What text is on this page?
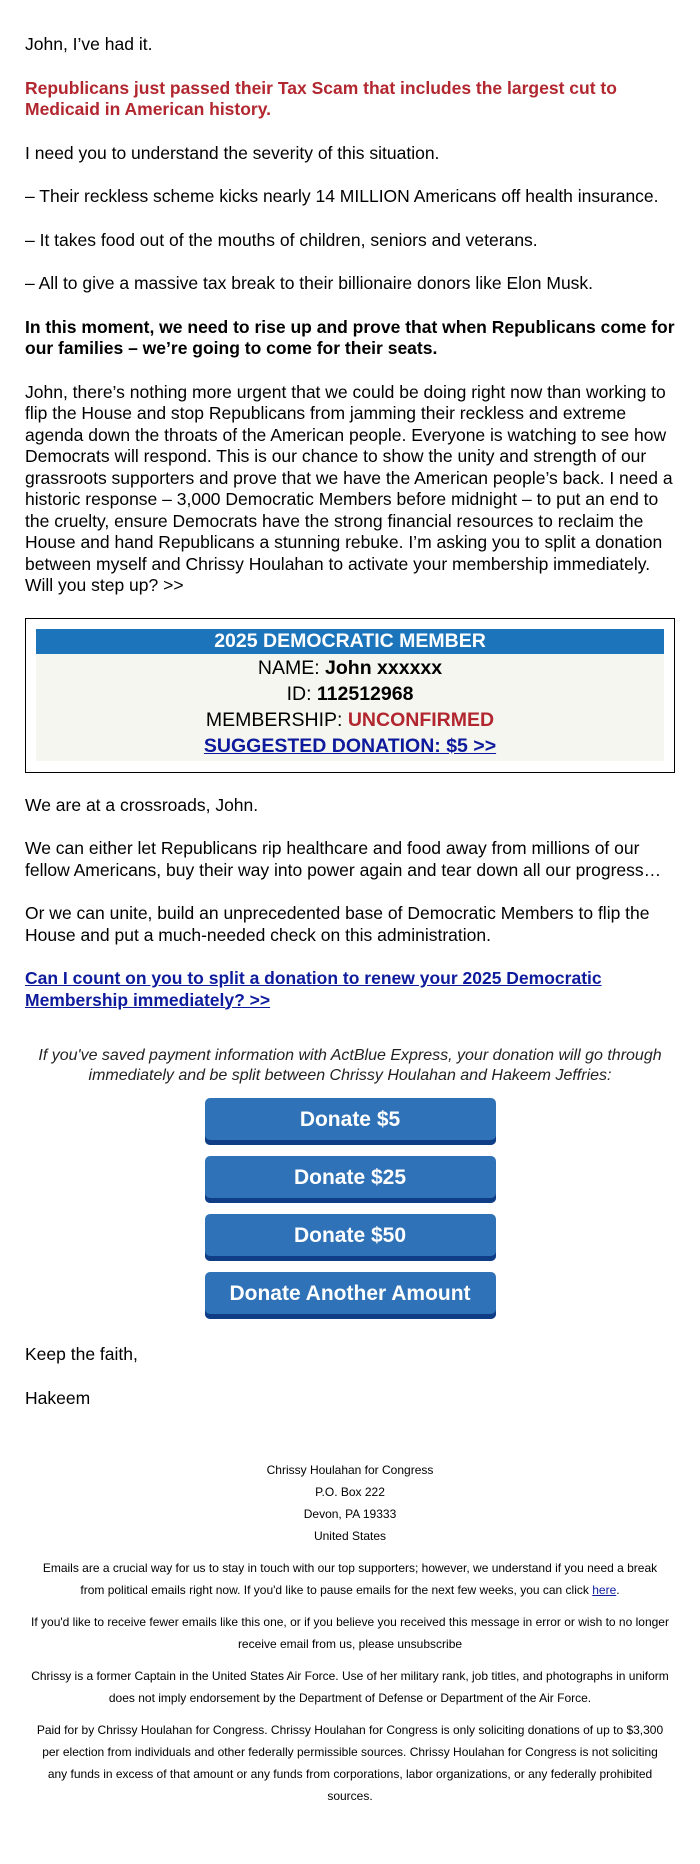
John, I’ve had it.

Republicans just passed their Tax Scam that includes the largest cut to Medicaid in American history.

I need you to understand the severity of this situation.

– Their reckless scheme kicks nearly 14 MILLION Americans off health insurance.

– It takes food out of the mouths of children, seniors and veterans.

– All to give a massive tax break to their billionaire donors like Elon Musk.

In this moment, we need to rise up and prove that when Republicans come for our families – we’re going to come for their seats.

John, there’s nothing more urgent that we could be doing right now than working to flip the House and stop Republicans from jamming their reckless and extreme agenda down the throats of the American people. Everyone is watching to see how Democrats will respond. This is our chance to show the unity and strength of our grassroots supporters and prove that we have the American people’s back. I need a historic response – 3,000 Democratic Members before midnight – to put an end to the cruelty, ensure Democrats have the strong financial resources to reclaim the House and hand Republicans a stunning rebuke. I’m asking you to split a donation between myself and Chrissy Houlahan to activate your membership immediately. Will you step up? >>

2025 DEMOCRATIC MEMBER
NAME: John xxxxxx
ID: 112512968
MEMBERSHIP: UNCONFIRMED
SUGGESTED DONATION: $5 >>

We are at a crossroads, John.

We can either let Republicans rip healthcare and food away from millions of our fellow Americans, buy their way into power again and tear down all our progress…

Or we can unite, build an unprecedented base of Democratic Members to flip the House and put a much-needed check on this administration.

Can I count on you to split a donation to renew your 2025 Democratic Membership immediately? >>

If you've saved payment information with ActBlue Express, your donation will go through immediately and be split between Chrissy Houlahan and Hakeem Jeffries:
Donate $5
Donate $25
Donate $50
Donate Another Amount

Keep the faith,

Hakeem

Chrissy Houlahan for Congress
P.O. Box 222
Devon, PA 19333
United States

Emails are a crucial way for us to stay in touch with our top supporters; however, we understand if you need a break from political emails right now. If you'd like to pause emails for the next few weeks, you can click here.

If you'd like to receive fewer emails like this one, or if you believe you received this message in error or wish to no longer receive email from us, please unsubscribe

Chrissy is a former Captain in the United States Air Force. Use of her military rank, job titles, and photographs in uniform does not imply endorsement by the Department of Defense or Department of the Air Force.

Paid for by Chrissy Houlahan for Congress. Chrissy Houlahan for Congress is only soliciting donations of up to $3,300 per election from individuals and other federally permissible sources. Chrissy Houlahan for Congress is not soliciting any funds in excess of that amount or any funds from corporations, labor organizations, or any federally prohibited sources.
